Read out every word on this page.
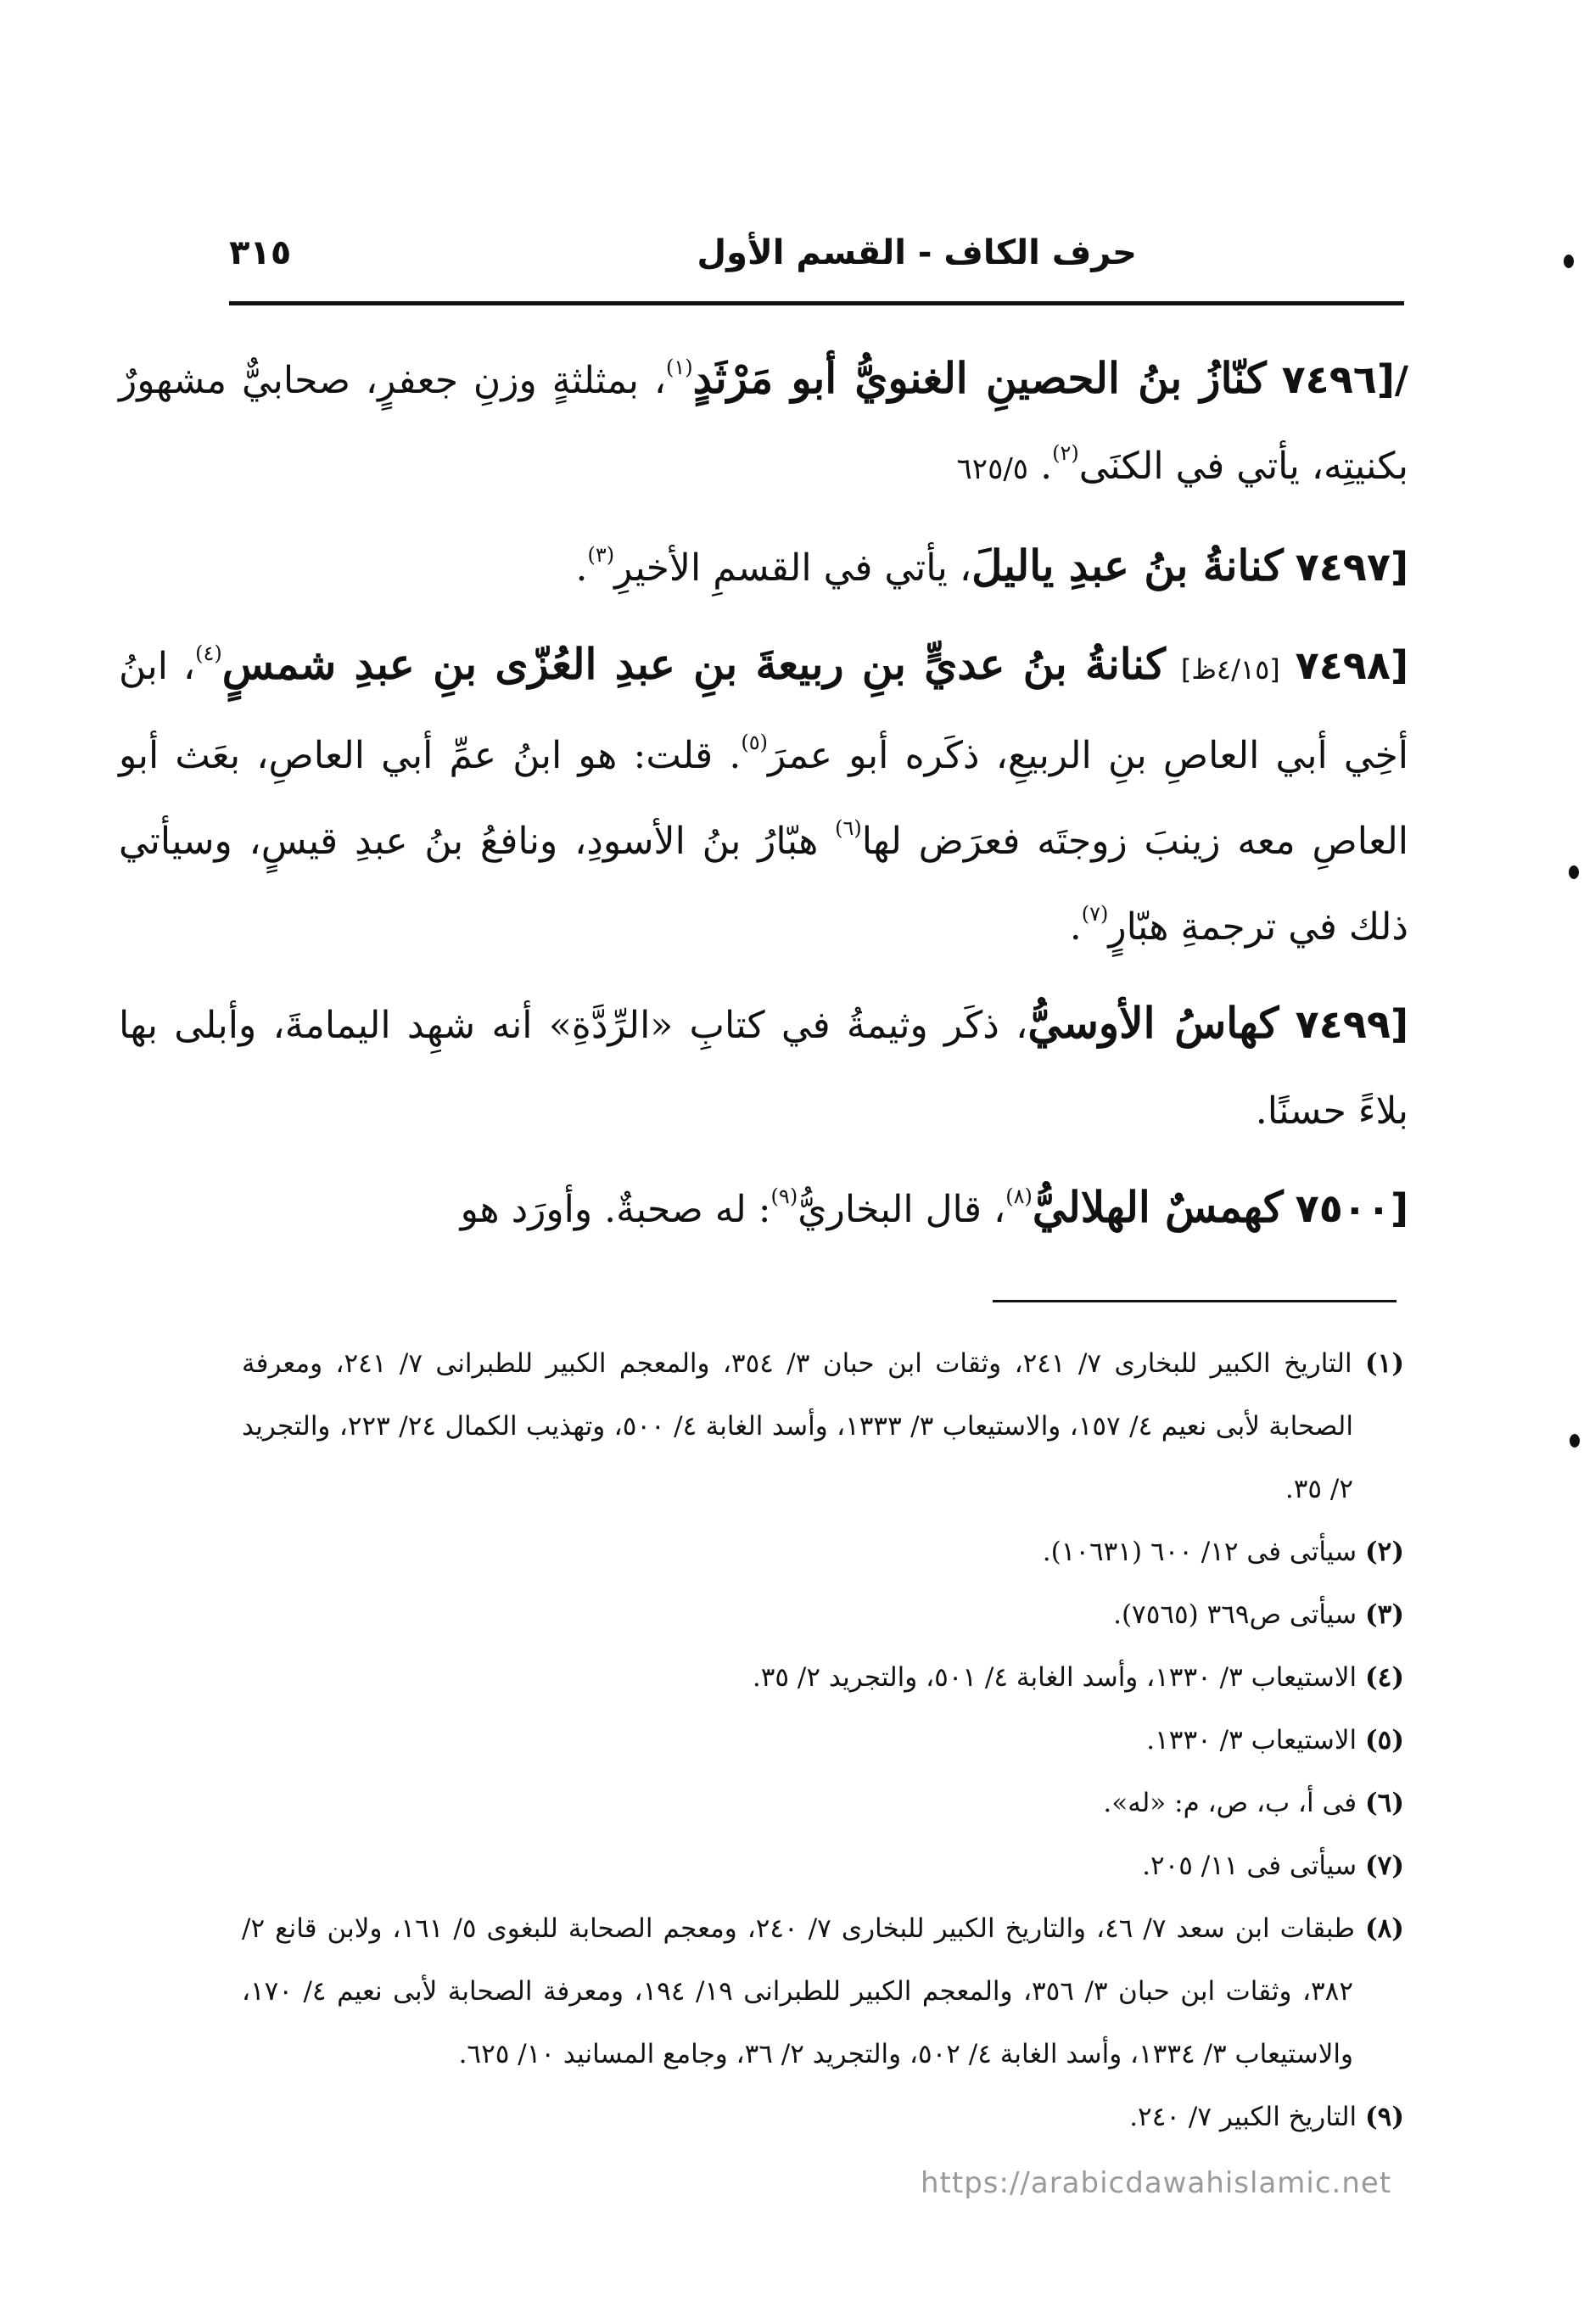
حرف الكاف - القسم الأول
٣١٥

/[٧٤٩٦ كنّازُ بنُ الحصينِ الغنويُّ أبو مَرْثَدٍ$^{(١)}$، بمثلثةٍ وزنِ جعفرٍ، صحابيٌّ مشهورٌ بكنيتِه، يأتي في الكنَى$^{(٢)}$. ٦٢٥/٥

[٧٤٩٧ كنانةُ بنُ عبدِ ياليلَ، يأتي في القسمِ الأخيرِ$^{(٣)}$.

[٧٤٩٨ [٤/١٥ظ] كنانةُ بنُ عديٍّ بنِ ربيعةَ بنِ عبدِ العُزّى بنِ عبدِ شمسٍ$^{(٤)}$، ابنُ أخِي أبي العاصِ بنِ الربيعِ، ذكَره أبو عمرَ$^{(٥)}$. قلت: هو ابنُ عمِّ أبي العاصِ، بعَث أبو العاصِ معه زينبَ زوجتَه فعرَض لها$^{(٦)}$ هبّارُ بنُ الأسودِ، ونافعُ بنُ عبدِ قيسٍ، وسيأتي ذلك في ترجمةِ هبّارٍ$^{(٧)}$.

[٧٤٩٩ كهاسُ الأوسيُّ، ذكَر وثيمةُ في كتابِ «الرِّدَّةِ» أنه شهِد اليمامةَ، وأبلى بها بلاءً حسنًا.

[٧٥٠٠ كهمسٌ الهلاليُّ$^{(٨)}$، قال البخاريُّ$^{(٩)}$: له صحبةٌ. وأورَد هو

(١) التاريخ الكبير للبخارى ٧/ ٢٤١، وثقات ابن حبان ٣/ ٣٥٤، والمعجم الكبير للطبرانى ٧/ ٢٤١، ومعرفة الصحابة لأبى نعيم ٤/ ١٥٧، والاستيعاب ٣/ ١٣٣٣، وأسد الغابة ٤/ ٥٠٠، وتهذيب الكمال ٢٤/ ٢٢٣، والتجريد ٢/ ٣٥.

(٢) سيأتى فى ١٢/ ٦٠٠ (١٠٦٣١).

(٣) سيأتى ص٣٦٩ (٧٥٦٥).

(٤) الاستيعاب ٣/ ١٣٣٠، وأسد الغابة ٤/ ٥٠١، والتجريد ٢/ ٣٥.

(٥) الاستيعاب ٣/ ١٣٣٠.

(٦) فى أ، ب، ص، م: «له».

(٧) سيأتى فى ١١/ ٢٠٥.

(٨) طبقات ابن سعد ٧/ ٤٦، والتاريخ الكبير للبخارى ٧/ ٢٤٠، ومعجم الصحابة للبغوى ٥/ ١٦١، ولابن قانع ٢/ ٣٨٢، وثقات ابن حبان ٣/ ٣٥٦، والمعجم الكبير للطبرانى ١٩/ ١٩٤، ومعرفة الصحابة لأبى نعيم ٤/ ١٧٠، والاستيعاب ٣/ ١٣٣٤، وأسد الغابة ٤/ ٥٠٢، والتجريد ٢/ ٣٦، وجامع المسانيد ١٠/ ٦٢٥.

(٩) التاريخ الكبير ٧/ ٢٤٠.

https://arabicdawahislamic.net
